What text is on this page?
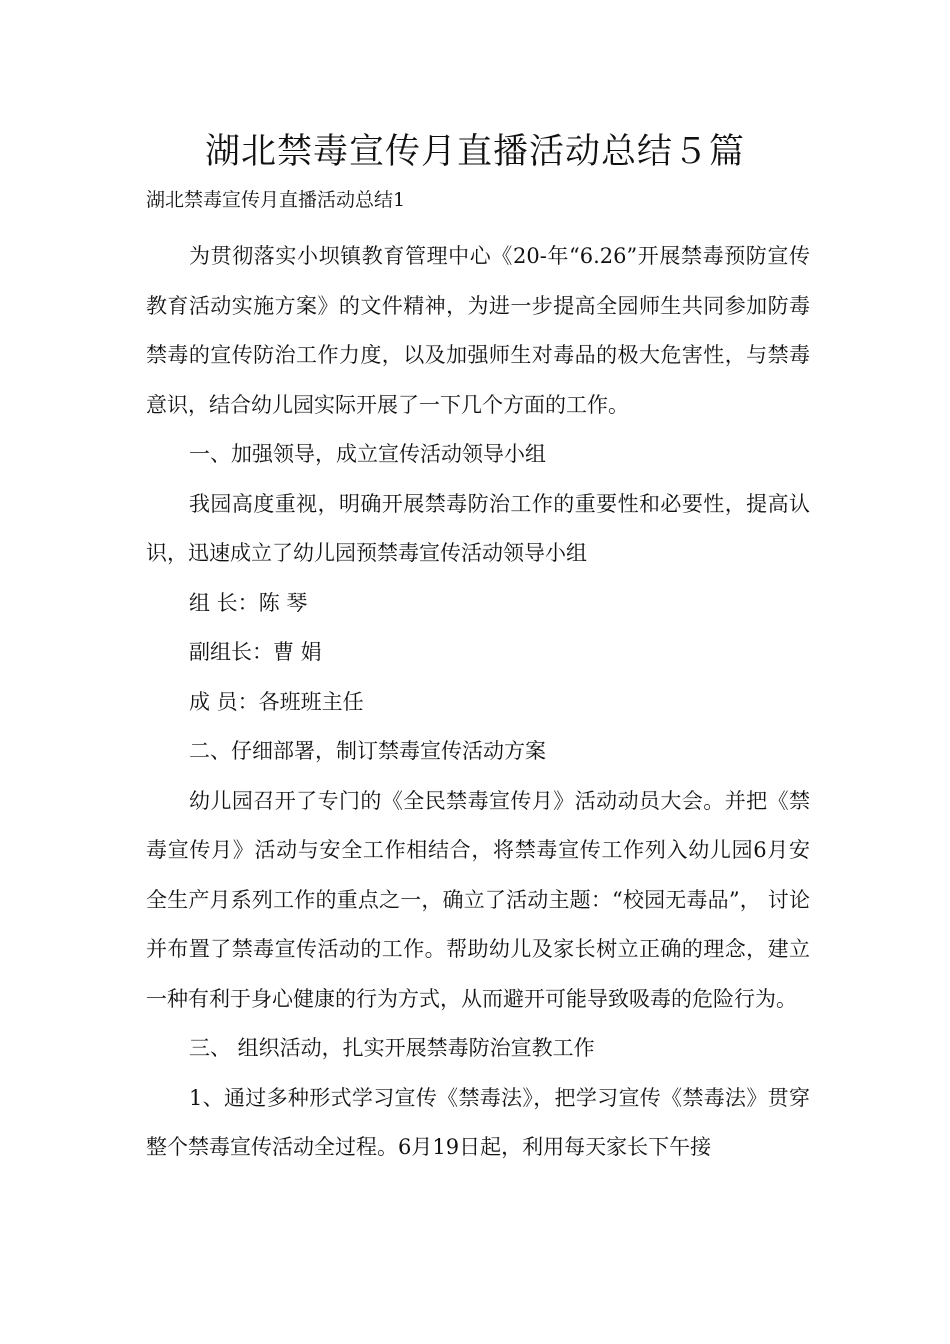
湖北禁毒宣传月直播活动总结５篇

湖北禁毒宣传月直播活动总结1

为贯彻落实小坝镇教育管理中心《20-年“6.26”开展禁毒预防宣传教育活动实施方案》的文件精神，为进一步提高全园师生共同参加防毒禁毒的宣传防治工作力度，以及加强师生对毒品的极大危害性，与禁毒意识，结合幼儿园实际开展了一下几个方面的工作。

一、加强领导，成立宣传活动领导小组

我园高度重视，明确开展禁毒防治工作的重要性和必要性，提高认识，迅速成立了幼儿园预禁毒宣传活动领导小组

组 长：陈 琴

副组长：曹 娟

成 员：各班班主任

二、仔细部署，制订禁毒宣传活动方案

幼儿园召开了专门的《全民禁毒宣传月》活动动员大会。并把《禁毒宣传月》活动与安全工作相结合，将禁毒宣传工作列入幼儿园6月安全生产月系列工作的重点之一，确立了活动主题：“校园无毒品”， 讨论并布置了禁毒宣传活动的工作。帮助幼儿及家长树立正确的理念，建立一种有利于身心健康的行为方式，从而避开可能导致吸毒的危险行为。

三、 组织活动，扎实开展禁毒防治宣教工作

1、通过多种形式学习宣传《禁毒法》，把学习宣传《禁毒法》贯穿整个禁毒宣传活动全过程。6月19日起，利用每天家长下午接
